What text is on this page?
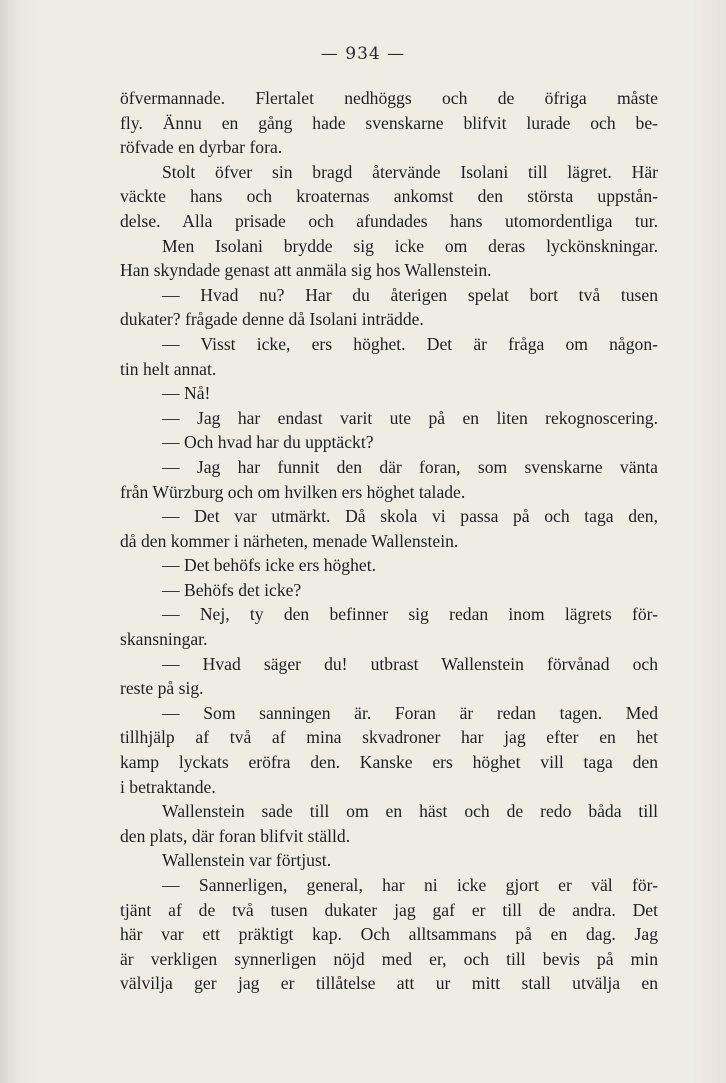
— 934 —
öfvermannade. Flertalet nedhöggs och de öfriga måste
fly. Ännu en gång hade svenskarne blifvit lurade och be-
röfvade en dyrbar fora.
Stolt öfver sin bragd återvände Isolani till lägret. Här
väckte hans och kroaternas ankomst den största uppstån-
delse. Alla prisade och afundades hans utomordentliga tur.
Men Isolani brydde sig icke om deras lyckönskningar.
Han skyndade genast att anmäla sig hos Wallenstein.
— Hvad nu? Har du återigen spelat bort två tusen
dukater? frågade denne då Isolani inträdde.
— Visst icke, ers höghet. Det är fråga om någon-
tin helt annat.
— Nå!
— Jag har endast varit ute på en liten rekognoscering.
— Och hvad har du upptäckt?
— Jag har funnit den där foran, som svenskarne vänta
från Würzburg och om hvilken ers höghet talade.
— Det var utmärkt. Då skola vi passa på och taga den,
då den kommer i närheten, menade Wallenstein.
— Det behöfs icke ers höghet.
— Behöfs det icke?
— Nej, ty den befinner sig redan inom lägrets för-
skansningar.
— Hvad säger du! utbrast Wallenstein förvånad och
reste på sig.
— Som sanningen är. Foran är redan tagen. Med
tillhjälp af två af mina skvadroner har jag efter en het
kamp lyckats eröfra den. Kanske ers höghet vill taga den
i betraktande.
Wallenstein sade till om en häst och de redo båda till
den plats, där foran blifvit ställd.
Wallenstein var förtjust.
— Sannerligen, general, har ni icke gjort er väl för-
tjänt af de två tusen dukater jag gaf er till de andra. Det
här var ett präktigt kap. Och alltsammans på en dag. Jag
är verkligen synnerligen nöjd med er, och till bevis på min
välvilja ger jag er tillåtelse att ur mitt stall utvälja en
